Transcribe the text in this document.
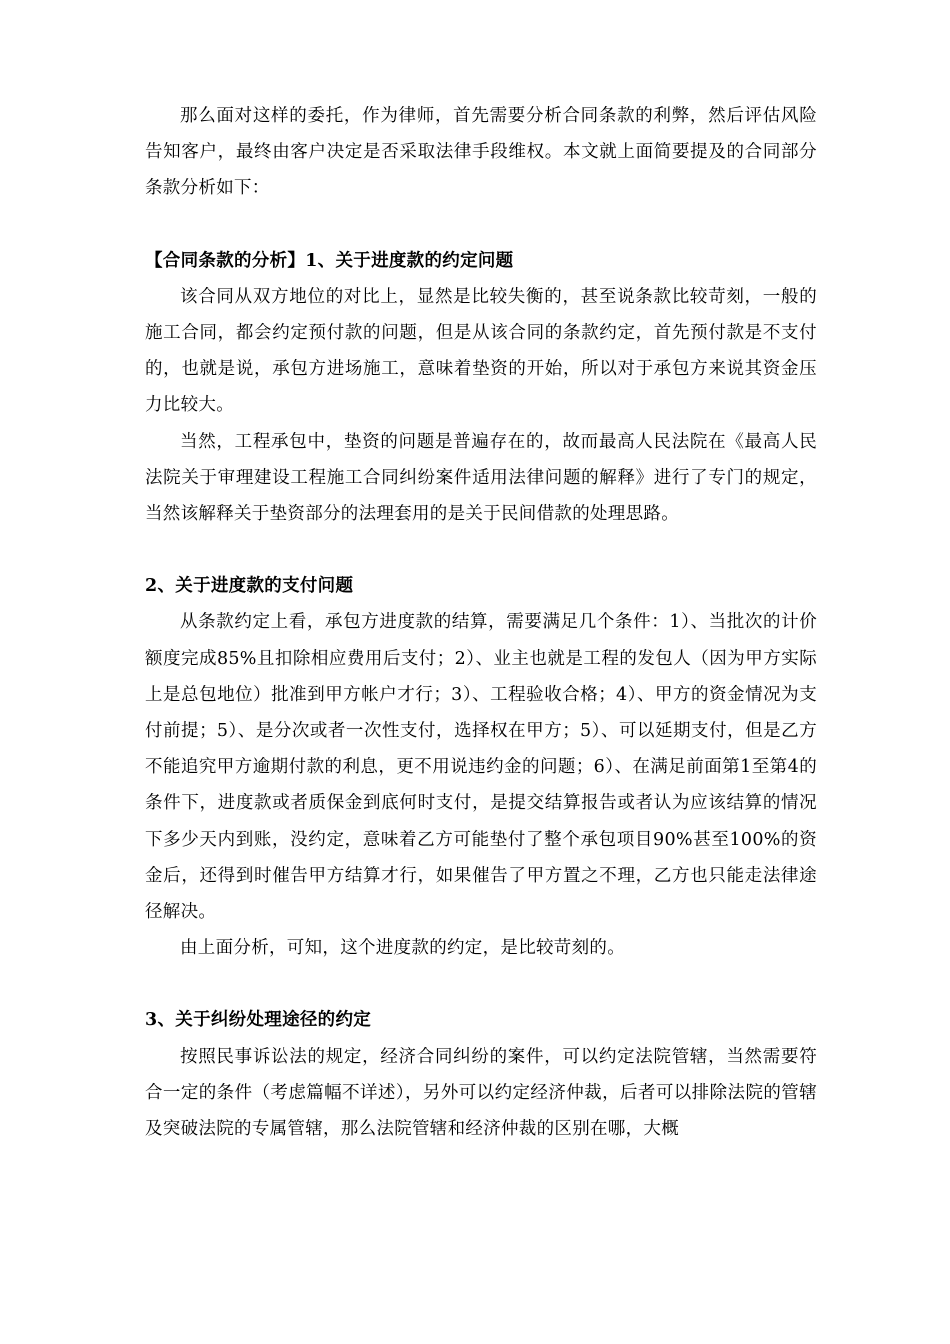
那么面对这样的委托，作为律师，首先需要分析合同条款的利弊，然后评估风险告知客户，最终由客户决定是否采取法律手段维权。本文就上面简要提及的合同部分条款分析如下：

【合同条款的分析】1、关于进度款的约定问题

该合同从双方地位的对比上，显然是比较失衡的，甚至说条款比较苛刻，一般的施工合同，都会约定预付款的问题，但是从该合同的条款约定，首先预付款是不支付的，也就是说，承包方进场施工，意味着垫资的开始，所以对于承包方来说其资金压力比较大。

当然，工程承包中，垫资的问题是普遍存在的，故而最高人民法院在《最高人民法院关于审理建设工程施工合同纠纷案件适用法律问题的解释》进行了专门的规定，当然该解释关于垫资部分的法理套用的是关于民间借款的处理思路。

2、关于进度款的支付问题

从条款约定上看，承包方进度款的结算，需要满足几个条件：1）、当批次的计价额度完成85%且扣除相应费用后支付；2）、业主也就是工程的发包人（因为甲方实际上是总包地位）批准到甲方帐户才行；3）、工程验收合格；4）、甲方的资金情况为支付前提；5）、是分次或者一次性支付，选择权在甲方；5）、可以延期支付，但是乙方不能追究甲方逾期付款的利息，更不用说违约金的问题；6）、在满足前面第1至第4的条件下，进度款或者质保金到底何时支付，是提交结算报告或者认为应该结算的情况下多少天内到账，没约定，意味着乙方可能垫付了整个承包项目90%甚至100%的资金后，还得到时催告甲方结算才行，如果催告了甲方置之不理，乙方也只能走法律途径解决。

由上面分析，可知，这个进度款的约定，是比较苛刻的。

3、关于纠纷处理途径的约定

按照民事诉讼法的规定，经济合同纠纷的案件，可以约定法院管辖，当然需要符合一定的条件（考虑篇幅不详述），另外可以约定经济仲裁，后者可以排除法院的管辖及突破法院的专属管辖，那么法院管辖和经济仲裁的区别在哪，大概
